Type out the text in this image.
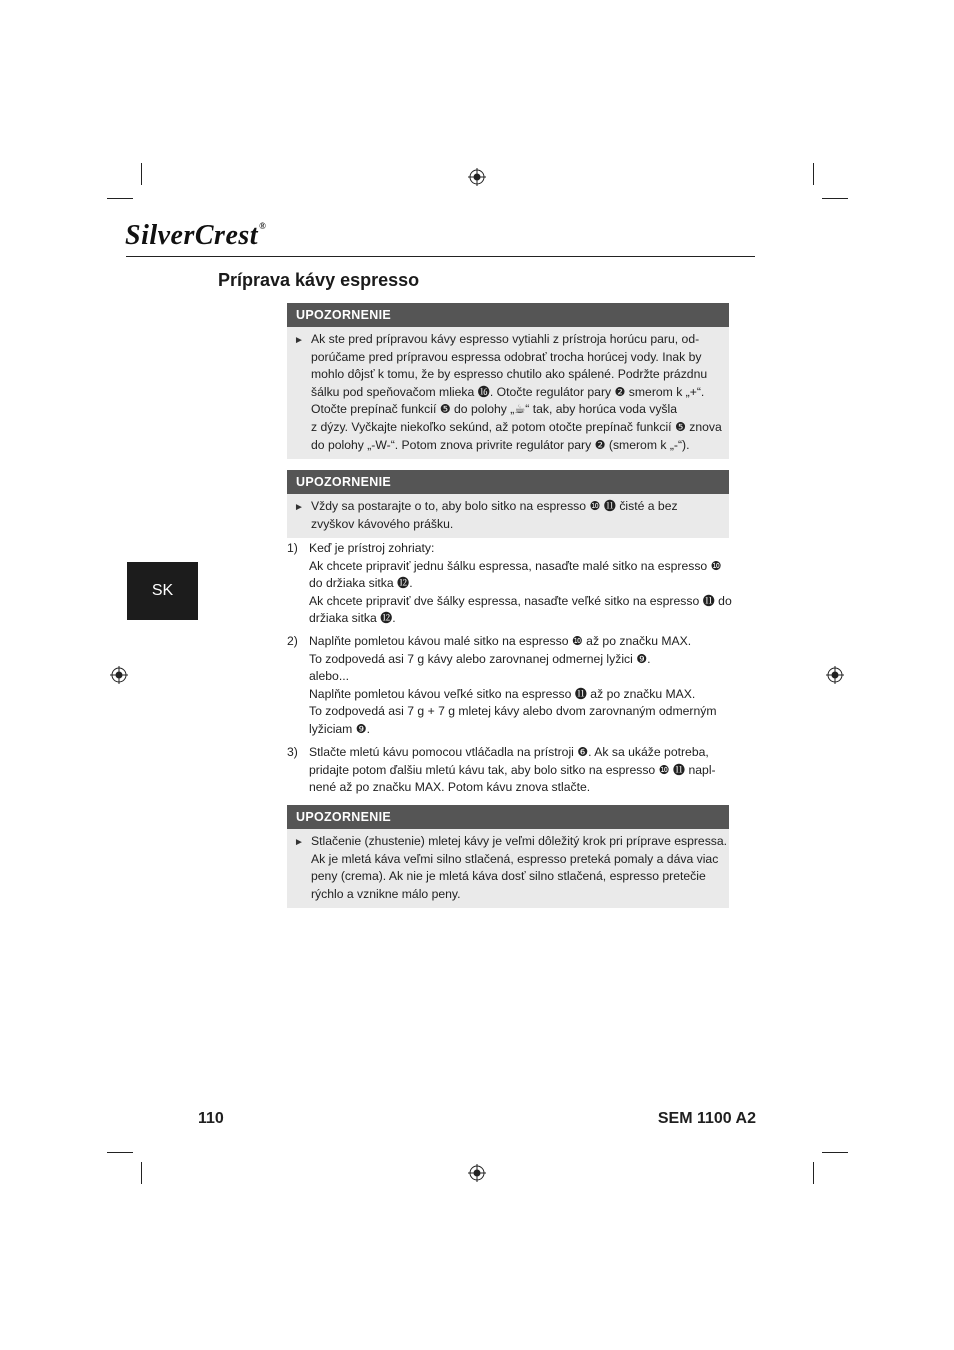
SilverCrest®
Príprava kávy espresso
SK
UPOZORNENIE
► Ak ste pred prípravou kávy espresso vytiahli z prístroja horúcu paru, od-
porúčame pred prípravou espressa odobrať trocha horúcej vody. Inak by
mohlo dôjsť k tomu, že by espresso chutilo ako spálené. Podržte prázdnu
šálku pod speňovačom mlieka ⓰. Otočte regulátor pary ❷ smerom k „+“.
Otočte prepínač funkcií ❺ do polohy „☕“ tak, aby horúca voda vyšla
z dýzy. Vyčkajte niekoľko sekúnd, až potom otočte prepínač funkcií ❺ znova
do polohy „-W-“. Potom znova privrite regulátor pary ❷ (smerom k „-“).
UPOZORNENIE
► Vždy sa postarajte o to, aby bolo sitko na espresso ❿ ⓫ čisté a bez
zvyškov kávového prášku.
1) Keď je prístroj zohriaty:
Ak chcete pripraviť jednu šálku espressa, nasaďte malé sitko na espresso ❿
do držiaka sitka ⓬.
Ak chcete pripraviť dve šálky espressa, nasaďte veľké sitko na espresso ⓫ do
držiaka sitka ⓬.
2) Naplňte pomletou kávou malé sitko na espresso ❿ až po značku MAX.
To zodpovedá asi 7 g kávy alebo zarovnanej odmernej lyžici ❾.
alebo...
Naplňte pomletou kávou veľké sitko na espresso ⓫ až po značku MAX.
To zodpovedá asi 7 g + 7 g mletej kávy alebo dvom zarovnaným odmerným
lyžiciam ❾.
3) Stlačte mletú kávu pomocou vtláčadla na prístroji ❻. Ak sa ukáže potreba,
pridajte potom ďalšiu mletú kávu tak, aby bolo sitko na espresso ❿ ⓫ napl-
nené až po značku MAX. Potom kávu znova stlačte.
UPOZORNENIE
► Stlačenie (zhustenie) mletej kávy je veľmi dôležitý krok pri príprave espressa.
Ak je mletá káva veľmi silno stlačená, espresso preteká pomaly a dáva viac
peny (crema). Ak nie je mletá káva dosť silno stlačená, espresso pretečie
rýchlo a vznikne málo peny.
110	SEM 1100 A2
